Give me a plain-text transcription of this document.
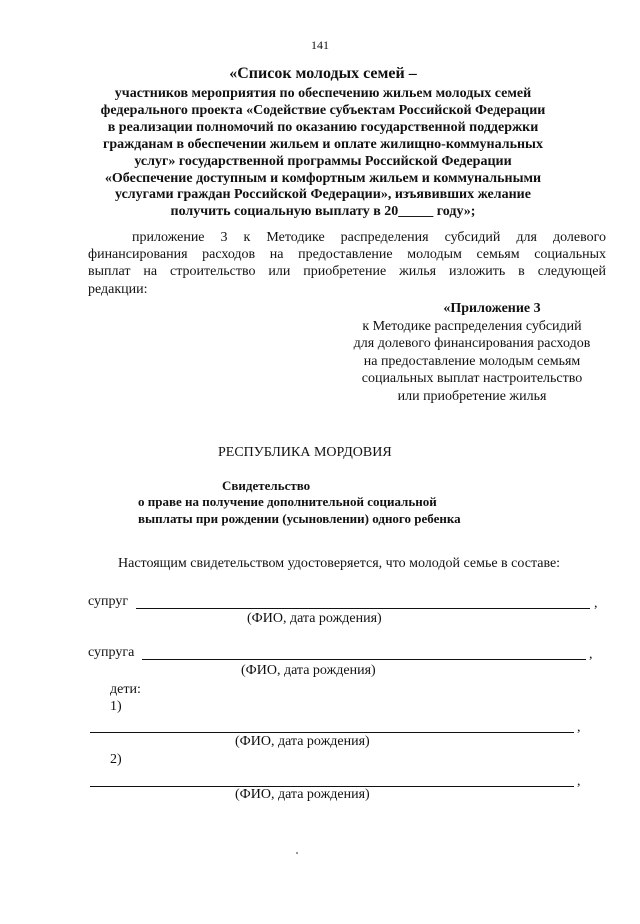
141
«Список молодых семей –
участников мероприятия по обеспечению жильем молодых семей
федерального проекта «Содействие субъектам Российской Федерации
в реализации полномочий по оказанию государственной поддержки
гражданам в обеспечении жильем и оплате жилищно-коммунальных
услуг» государственной программы Российской Федерации
«Обеспечение доступным и комфортным жильем и коммунальными
услугами граждан Российской Федерации», изъявивших желание
получить социальную выплату в 20_____ году»;
приложение 3 к Методике распределения субсидий для долевого
финансирования расходов на предоставление молодым семьям социальных
выплат на строительство или приобретение жилья изложить в следующей
редакции:
«Приложение 3
к Методике распределения субсидий
для долевого финансирования расходов
на предоставление молодым семьям
социальных выплат настроительство
или приобретение жилья
РЕСПУБЛИКА МОРДОВИЯ
Свидетельство
о праве на получение дополнительной социальной
выплаты при рождении (усыновлении) одного ребенка
Настоящим свидетельством удостоверяется, что молодой семье в составе:
супруг	,
(ФИО, дата рождения)
супруга	,
(ФИО, дата рождения)
дети:
1)
,
(ФИО, дата рождения)
2)
,
(ФИО, дата рождения)
